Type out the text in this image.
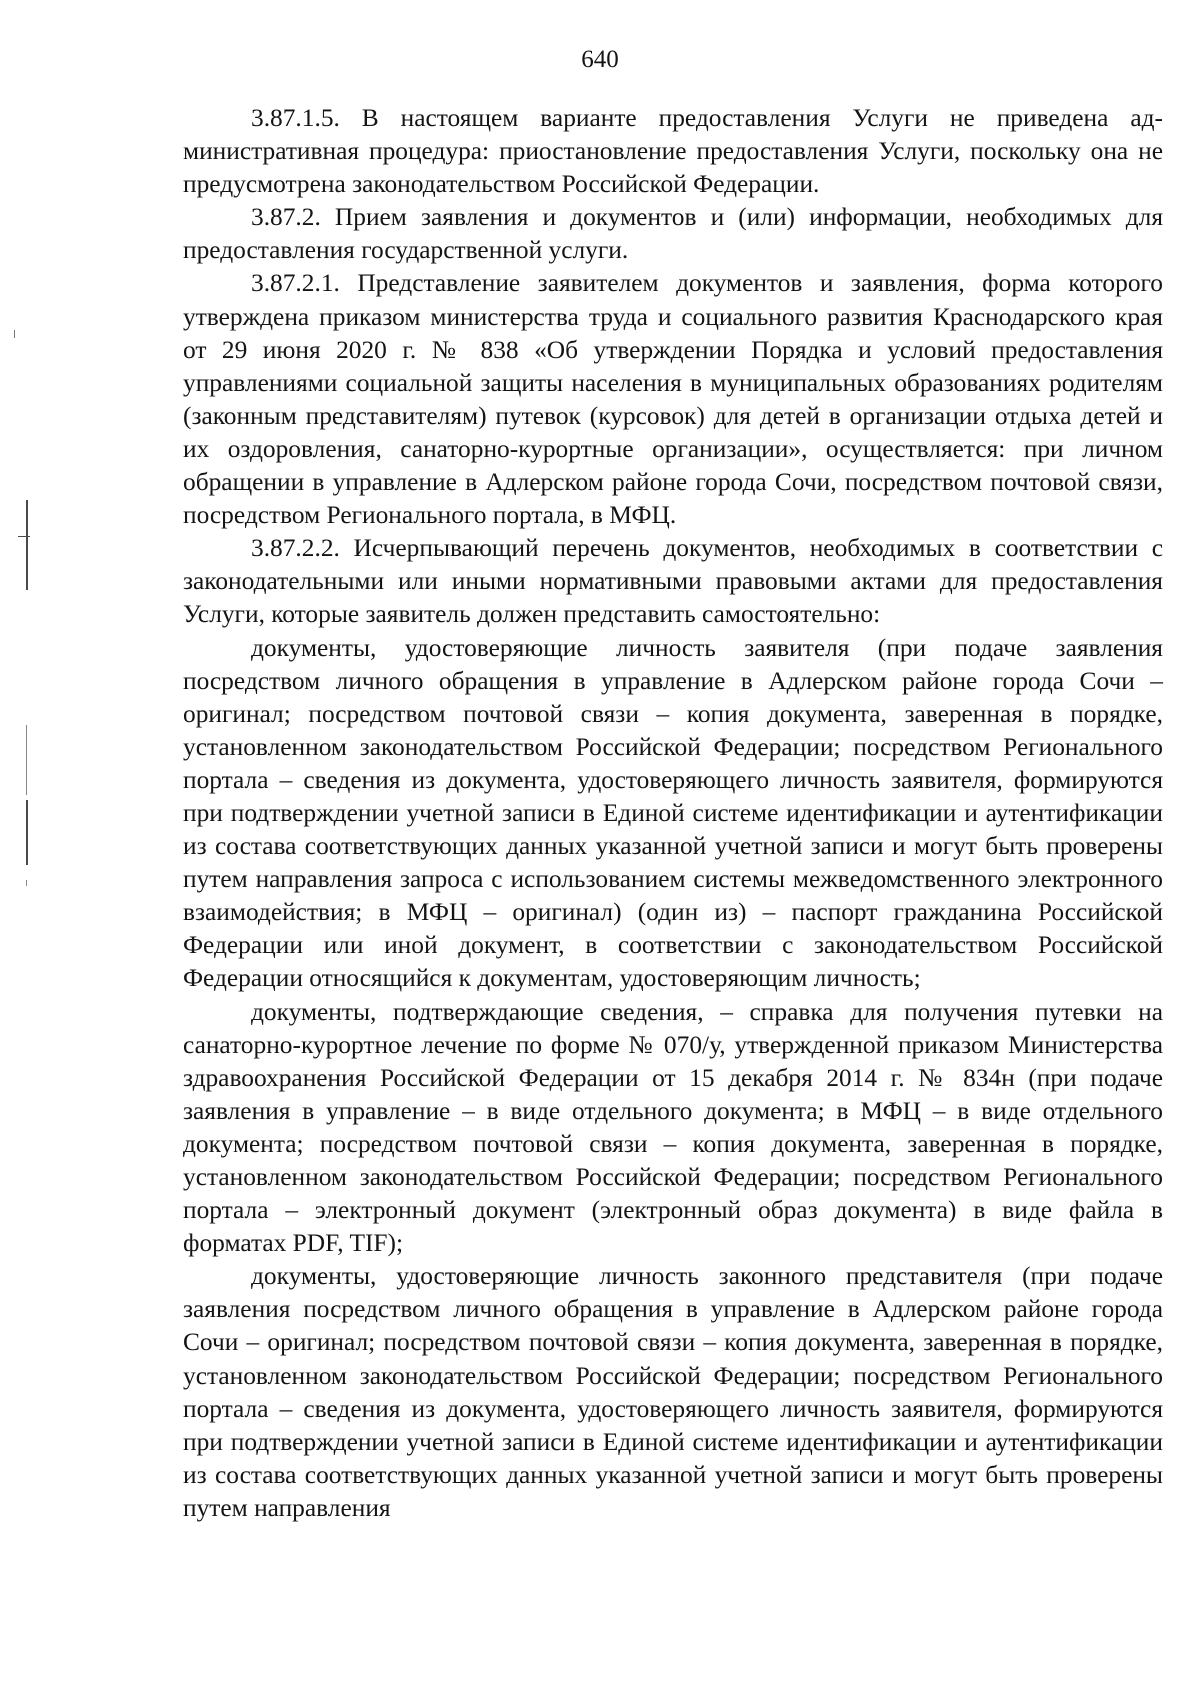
640

3.87.1.5. В настоящем варианте предоставления Услуги не приведена административная процедура: приостановление предоставления Услуги, поскольку она не предусмотрена законодательством Российской Федерации.

3.87.2. Прием заявления и документов и (или) информации, необходимых для предоставления государственной услуги.

3.87.2.1. Представление заявителем документов и заявления, форма которого утверждена приказом министерства труда и социального развития Краснодарского края от 29 июня 2020 г. № 838 «Об утверждении Порядка и условий предоставления управлениями социальной защиты населения в муниципальных образованиях родителям (законным представителям) путевок (курсовок) для детей в организации отдыха детей и их оздоровления, санаторно-курортные организации», осуществляется: при личном обращении в управление в Адлерском районе города Сочи, посредством почтовой связи, посредством Регионального портала, в МФЦ.

3.87.2.2. Исчерпывающий перечень документов, необходимых в соответствии с законодательными или иными нормативными правовыми актами для предоставления Услуги, которые заявитель должен представить самостоятельно:

документы, удостоверяющие личность заявителя (при подаче заявления посредством личного обращения в управление в Адлерском районе города Сочи – оригинал; посредством почтовой связи – копия документа, заверенная в порядке, установленном законодательством Российской Федерации; посредством Регионального портала – сведения из документа, удостоверяющего личность заявителя, формируются при подтверждении учетной записи в Единой системе идентификации и аутентификации из состава соответствующих данных указанной учетной записи и могут быть проверены путем направления запроса с использованием системы межведомственного электронного взаимодействия; в МФЦ – оригинал) (один из) – паспорт гражданина Российской Федерации или иной документ, в соответствии с законодательством Российской Федерации относящийся к документам, удостоверяющим личность;

документы, подтверждающие сведения, – справка для получения путевки на санаторно-курортное лечение по форме № 070/у, утвержденной приказом Министерства здравоохранения Российской Федерации от 15 декабря 2014 г. № 834н (при подаче заявления в управление – в виде отдельного документа; в МФЦ – в виде отдельного документа; посредством почтовой связи – копия документа, заверенная в порядке, установленном законодательством Российской Федерации; посредством Регионального портала – электронный документ (электронный образ документа) в виде файла в форматах PDF, TIF);

документы, удостоверяющие личность законного представителя (при подаче заявления посредством личного обращения в управление в Адлерском районе города Сочи – оригинал; посредством почтовой связи – копия документа, заверенная в порядке, установленном законодательством Российской Федерации; посредством Регионального портала – сведения из документа, удостоверяющего личность заявителя, формируются при подтверждении учетной записи в Единой системе идентификации и аутентификации из состава соответствующих данных указанной учетной записи и могут быть проверены путем направления
